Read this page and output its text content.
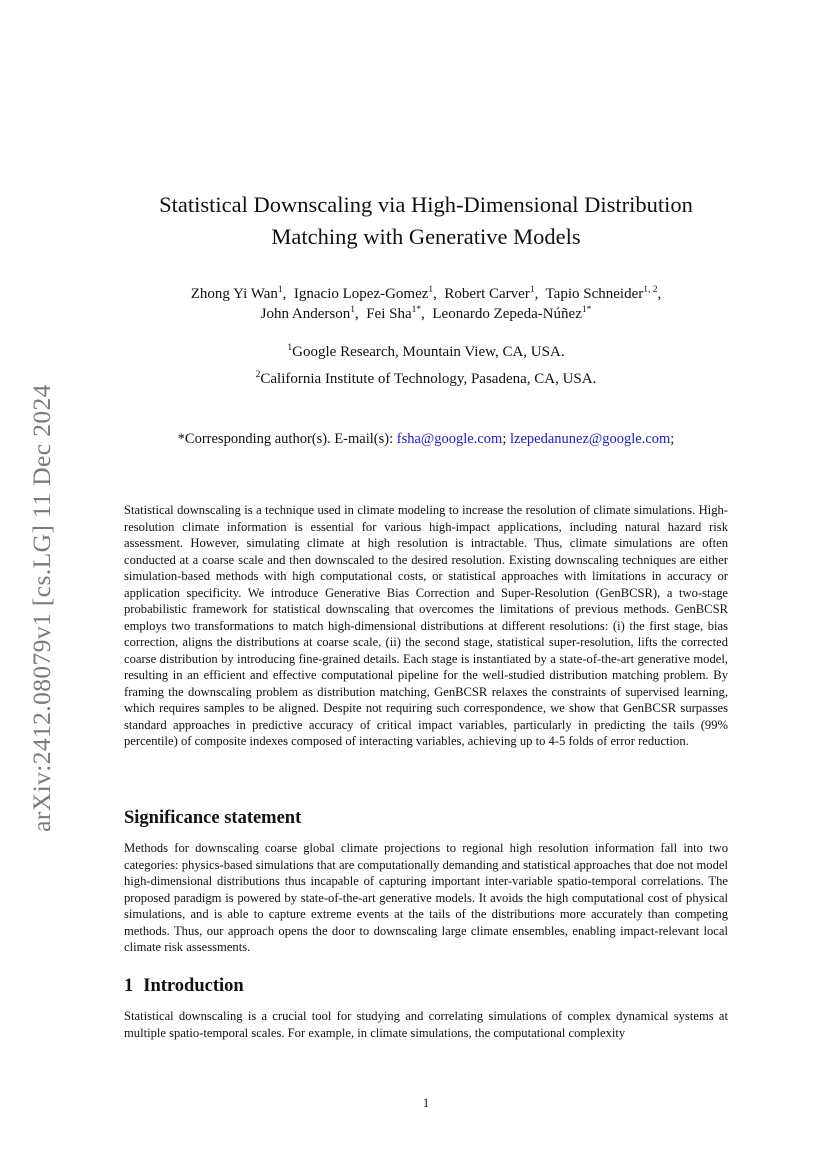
arXiv:2412.08079v1 [cs.LG] 11 Dec 2024
Statistical Downscaling via High-Dimensional Distribution
Matching with Generative Models
Zhong Yi Wan$^1$, Ignacio Lopez-Gomez$^1$, Robert Carver$^1$, Tapio Schneider$^{1, 2}$,
John Anderson$^1$, Fei Sha$^{1*}$, Leonardo Zepeda-Núñez$^{1*}$
$^1$Google Research, Mountain View, CA, USA.
$^2$California Institute of Technology, Pasadena, CA, USA.
*Corresponding author(s). E-mail(s): fsha@google.com; lzepedanunez@google.com;

Statistical downscaling is a technique used in climate modeling to increase the resolution of climate simulations. High-resolution climate information is essential for various high-impact applications, including natural hazard risk assessment. However, simulating climate at high resolution is intractable. Thus, climate simulations are often conducted at a coarse scale and then downscaled to the desired resolution. Existing downscaling techniques are either simulation-based methods with high computational costs, or statistical approaches with limitations in accuracy or application specificity. We introduce Generative Bias Correction and Super-Resolution (GenBCSR), a two-stage probabilistic framework for statistical downscaling that overcomes the limitations of previous methods. GenBCSR employs two transformations to match high-dimensional distributions at different resolutions: (i) the first stage, bias correction, aligns the distributions at coarse scale, (ii) the second stage, statistical super-resolution, lifts the corrected coarse distribution by introducing fine-grained details. Each stage is instantiated by a state-of-the-art generative model, resulting in an efficient and effective computational pipeline for the well-studied distribution matching problem. By framing the downscaling problem as distribution matching, GenBCSR relaxes the constraints of supervised learning, which requires samples to be aligned. Despite not requiring such correspondence, we show that GenBCSR surpasses standard approaches in predictive accuracy of critical impact variables, particularly in predicting the tails (99% percentile) of composite indexes composed of interacting variables, achieving up to 4-5 folds of error reduction.

Significance statement

Methods for downscaling coarse global climate projections to regional high resolution information fall into two categories: physics-based simulations that are computationally demanding and statistical approaches that doe not model high-dimensional distributions thus incapable of capturing important inter-variable spatio-temporal correlations. The proposed paradigm is powered by state-of-the-art generative models. It avoids the high computational cost of physical simulations, and is able to capture extreme events at the tails of the distributions more accurately than competing methods. Thus, our approach opens the door to downscaling large climate ensembles, enabling impact-relevant local climate risk assessments.

1 Introduction

Statistical downscaling is a crucial tool for studying and correlating simulations of complex dynamical systems at multiple spatio-temporal scales. For example, in climate simulations, the computational complexity

1
